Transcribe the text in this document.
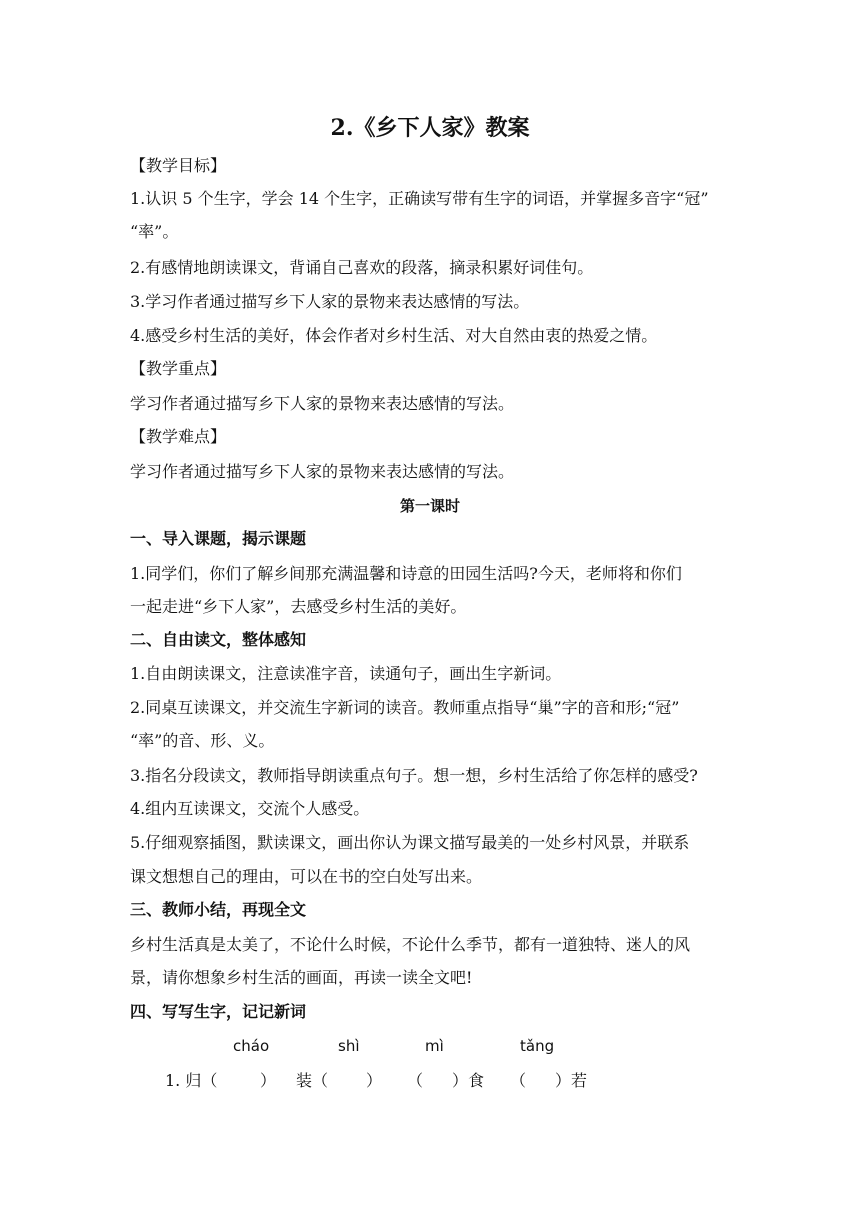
2.《乡下人家》教案
【教学目标】
1.认识 5 个生字，学会 14 个生字，正确读写带有生字的词语，并掌握多音字“冠”
“率”。
2.有感情地朗读课文，背诵自己喜欢的段落，摘录积累好词佳句。
3.学习作者通过描写乡下人家的景物来表达感情的写法。
4.感受乡村生活的美好，体会作者对乡村生活、对大自然由衷的热爱之情。
【教学重点】
学习作者通过描写乡下人家的景物来表达感情的写法。
【教学难点】
学习作者通过描写乡下人家的景物来表达感情的写法。
第一课时
一、导入课题，揭示课题
1.同学们，你们了解乡间那充满温馨和诗意的田园生活吗?今天，老师将和你们
一起走进“乡下人家”，去感受乡村生活的美好。
二、自由读文，整体感知
1.自由朗读课文，注意读准字音，读通句子，画出生字新词。
2.同桌互读课文，并交流生字新词的读音。教师重点指导“巢”字的音和形;“冠”
“率”的音、形、义。
3.指名分段读文，教师指导朗读重点句子。想一想，乡村生活给了你怎样的感受?
4.组内互读课文，交流个人感受。
5.仔细观察插图，默读课文，画出你认为课文描写最美的一处乡村风景，并联系
课文想想自己的理由，可以在书的空白处写出来。
三、教师小结，再现全文
乡村生活真是太美了，不论什么时候，不论什么季节，都有一道独特、迷人的风
景，请你想象乡村生活的画面，再读一读全文吧!
四、写写生字，记记新词
cháo	shì	mì	tǎng
1. 归（	） 装（ ） （ ）食 （ ）若
